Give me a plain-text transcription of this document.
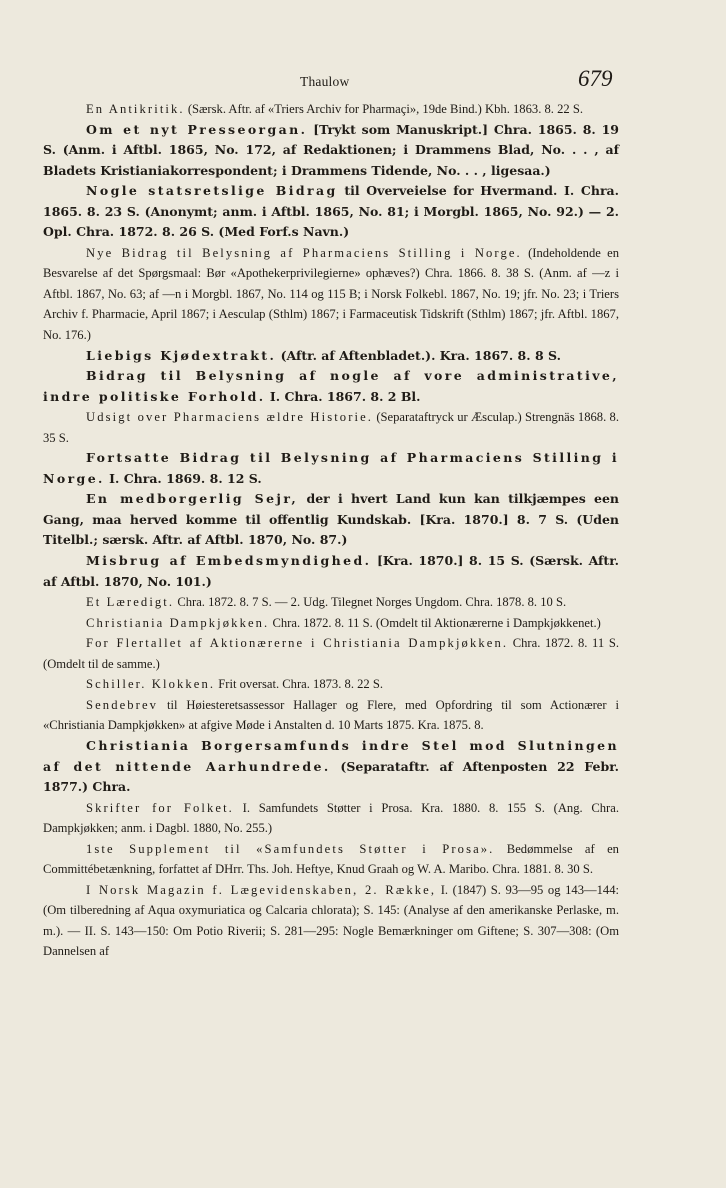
Thaulow	679

En Antikritik. (Særsk. Aftr. af «Triers Archiv for Pharmaçi», 19de Bind.) Kbh. 1863. 8. 22 S.

Om et nyt Presseorgan. [Trykt som Manuskript.] Chra. 1865. 8. 19 S. (Anm. i Aftbl. 1865, No. 172, af Redaktionen; i Drammens Blad, No. . . , af Bladets Kristianiakorrespondent; i Drammens Tidende, No. . . , ligesaa.)

Nogle statsretslige Bidrag til Overveielse for Hvermand. I. Chra. 1865. 8. 23 S. (Anonymt; anm. i Aftbl. 1865, No. 81; i Morgbl. 1865, No. 92.) — 2. Opl. Chra. 1872. 8. 26 S. (Med Forf.s Navn.)

Nye Bidrag til Belysning af Pharmaciens Stilling i Norge. (Indeholdende en Besvarelse af det Spørgsmaal: Bør «Apothekerprivilegierne» ophæves?) Chra. 1866. 8. 38 S. (Anm. af —z i Aftbl. 1867, No. 63; af —n i Morgbl. 1867, No. 114 og 115 B; i Norsk Folkebl. 1867, No. 19; jfr. No. 23; i Triers Archiv f. Pharmacie, April 1867; i Aesculap (Sthlm) 1867; i Farmaceutisk Tidskrift (Sthlm) 1867; jfr. Aftbl. 1867, No. 176.)

Liebigs Kjødextrakt. (Aftr. af Aftenbladet.). Kra. 1867. 8. 8 S.

Bidrag til Belysning af nogle af vore administrative, indre politiske Forhold. I. Chra. 1867. 8. 2 Bl.

Udsigt over Pharmaciens ældre Historie. (Separataftryck ur Æsculap.) Strengnäs 1868. 8. 35 S.

Fortsatte Bidrag til Belysning af Pharmaciens Stilling i Norge. I. Chra. 1869. 8. 12 S.

En medborgerlig Sejr, der i hvert Land kun kan tilkjæmpes een Gang, maa herved komme til offentlig Kundskab. [Kra. 1870.] 8. 7 S. (Uden Titelbl.; særsk. Aftr. af Aftbl. 1870, No. 87.)

Misbrug af Embedsmyndighed. [Kra. 1870.] 8. 15 S. (Særsk. Aftr. af Aftbl. 1870, No. 101.)

Et Læredigt. Chra. 1872. 8. 7 S. — 2. Udg. Tilegnet Norges Ungdom. Chra. 1878. 8. 10 S.

Christiania Dampkjøkken. Chra. 1872. 8. 11 S. (Omdelt til Aktionærerne i Dampkjøkkenet.)

For Flertallet af Aktionærerne i Christiania Dampkjøkken. Chra. 1872. 8. 11 S. (Omdelt til de samme.)

Schiller. Klokken. Frit oversat. Chra. 1873. 8. 22 S.

Sendebrev til Høiesteretsassessor Hallager og Flere, med Opfordring til som Actionærer i «Christiania Dampkjøkken» at afgive Møde i Anstalten d. 10 Marts 1875. Kra. 1875. 8.

Christiania Borgersamfunds indre Stel mod Slutningen af det nittende Aarhundrede. (Separataftr. af Aftenposten 22 Febr. 1877.) Chra.

Skrifter for Folket. I. Samfundets Støtter i Prosa. Kra. 1880. 8. 155 S. (Ang. Chra. Dampkjøkken; anm. i Dagbl. 1880, No. 255.)

1ste Supplement til «Samfundets Støtter i Prosa». Bedømmelse af en Committébetænkning, forfattet af DHrr. Ths. Joh. Heftye, Knud Graah og W. A. Maribo. Chra. 1881. 8. 30 S.

I Norsk Magazin f. Lægevidenskaben, 2. Række, I. (1847) S. 93—95 og 143—144: (Om tilberedning af Aqua oxymuriatica og Calcaria chlorata); S. 145: (Analyse af den amerikanske Perlaske, m. m.). — II. S. 143—150: Om Potio Riverii; S. 281—295: Nogle Bemærkninger om Giftene; S. 307—308: (Om Dannelsen af
